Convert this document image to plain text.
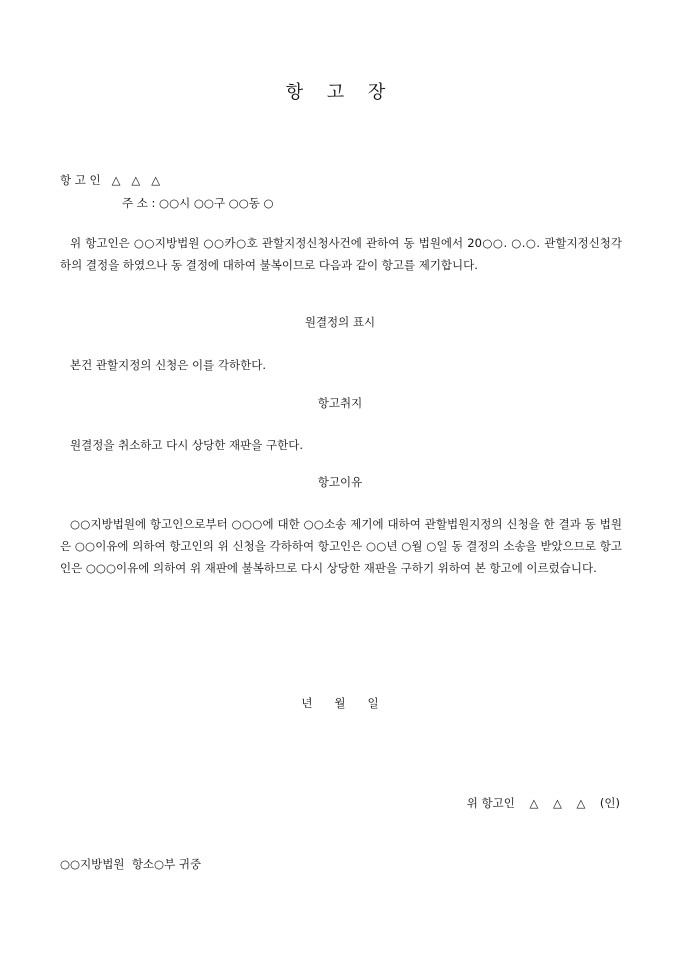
항 고 장
항 고 인   △   △   △
주 소 : ○○시 ○○구 ○○동 ○
위 항고인은 ○○지방법원 ○○카○호 관할지정신청사건에 관하여 동 법원에서 20○○. ○.○. 관할지정신청각하의 결정을 하였으나 동 결정에 대하여 불복이므로 다음과 같이 항고를 제기합니다.
원결정의 표시
본건 관할지정의 신청은 이를 각하한다.
항고취지
원결정을 취소하고 다시 상당한 재판을 구한다.
항고이유
○○지방법원에 항고인으로부터 ○○○에 대한 ○○소송 제기에 대하여 관할법원지정의 신청을 한 결과 동 법원은 ○○이유에 의하여 항고인의 위 신청을 각하하여 항고인은 ○○년 ○월 ○일 동 결정의 소송을 받았으므로 항고인은 ○○○이유에 의하여 위 재판에 불복하므로 다시 상당한 재판을 구하기 위하여 본 항고에 이르렀습니다.
년      월      일
위 항고인    △    △    △    (인)
○○지방법원  항소○부 귀중
